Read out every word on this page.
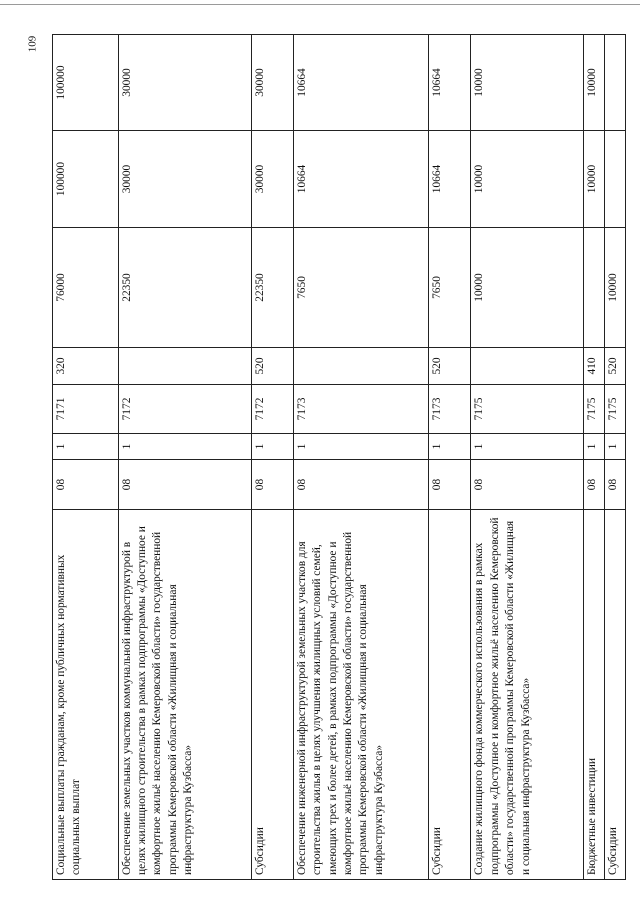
109
Социальные выплаты гражданам, кроме публичных нормативных социальных выплат	08	1	7171	320	76000	100000	100000
Обеспечение земельных участков коммунальной инфраструктурой в целях жилищного строительства в рамках подпрограммы «Доступное и комфортное жильё населению Кемеровской области» государственной программы Кемеровской области «Жилищная и социальная инфраструктура Кузбасса»	08	1	7172		22350	30000	30000
Субсидии	08	1	7172	520	22350	30000	30000
Обеспечение инженерной инфраструктурой земельных участков для строительства жилья в целях улучшения жилищных условий семей, имеющих трех и более детей, в рамках подпрограммы «Доступное и комфортное жильё населению Кемеровской области» государственной программы Кемеровской области «Жилищная и социальная инфраструктура Кузбасса»	08	1	7173		7650	10664	10664
Субсидии	08	1	7173	520	7650	10664	10664
Создание жилищного фонда коммерческого использования в рамках подпрограммы «Доступное и комфортное жильё населению Кемеровской области» государственной программы Кемеровской области «Жилищная и социальная инфраструктура Кузбасса»	08	1	7175		10000	10000	10000
Бюджетные инвестиции	08	1	7175	410		10000	10000
Субсидии	08	1	7175	520	10000		
